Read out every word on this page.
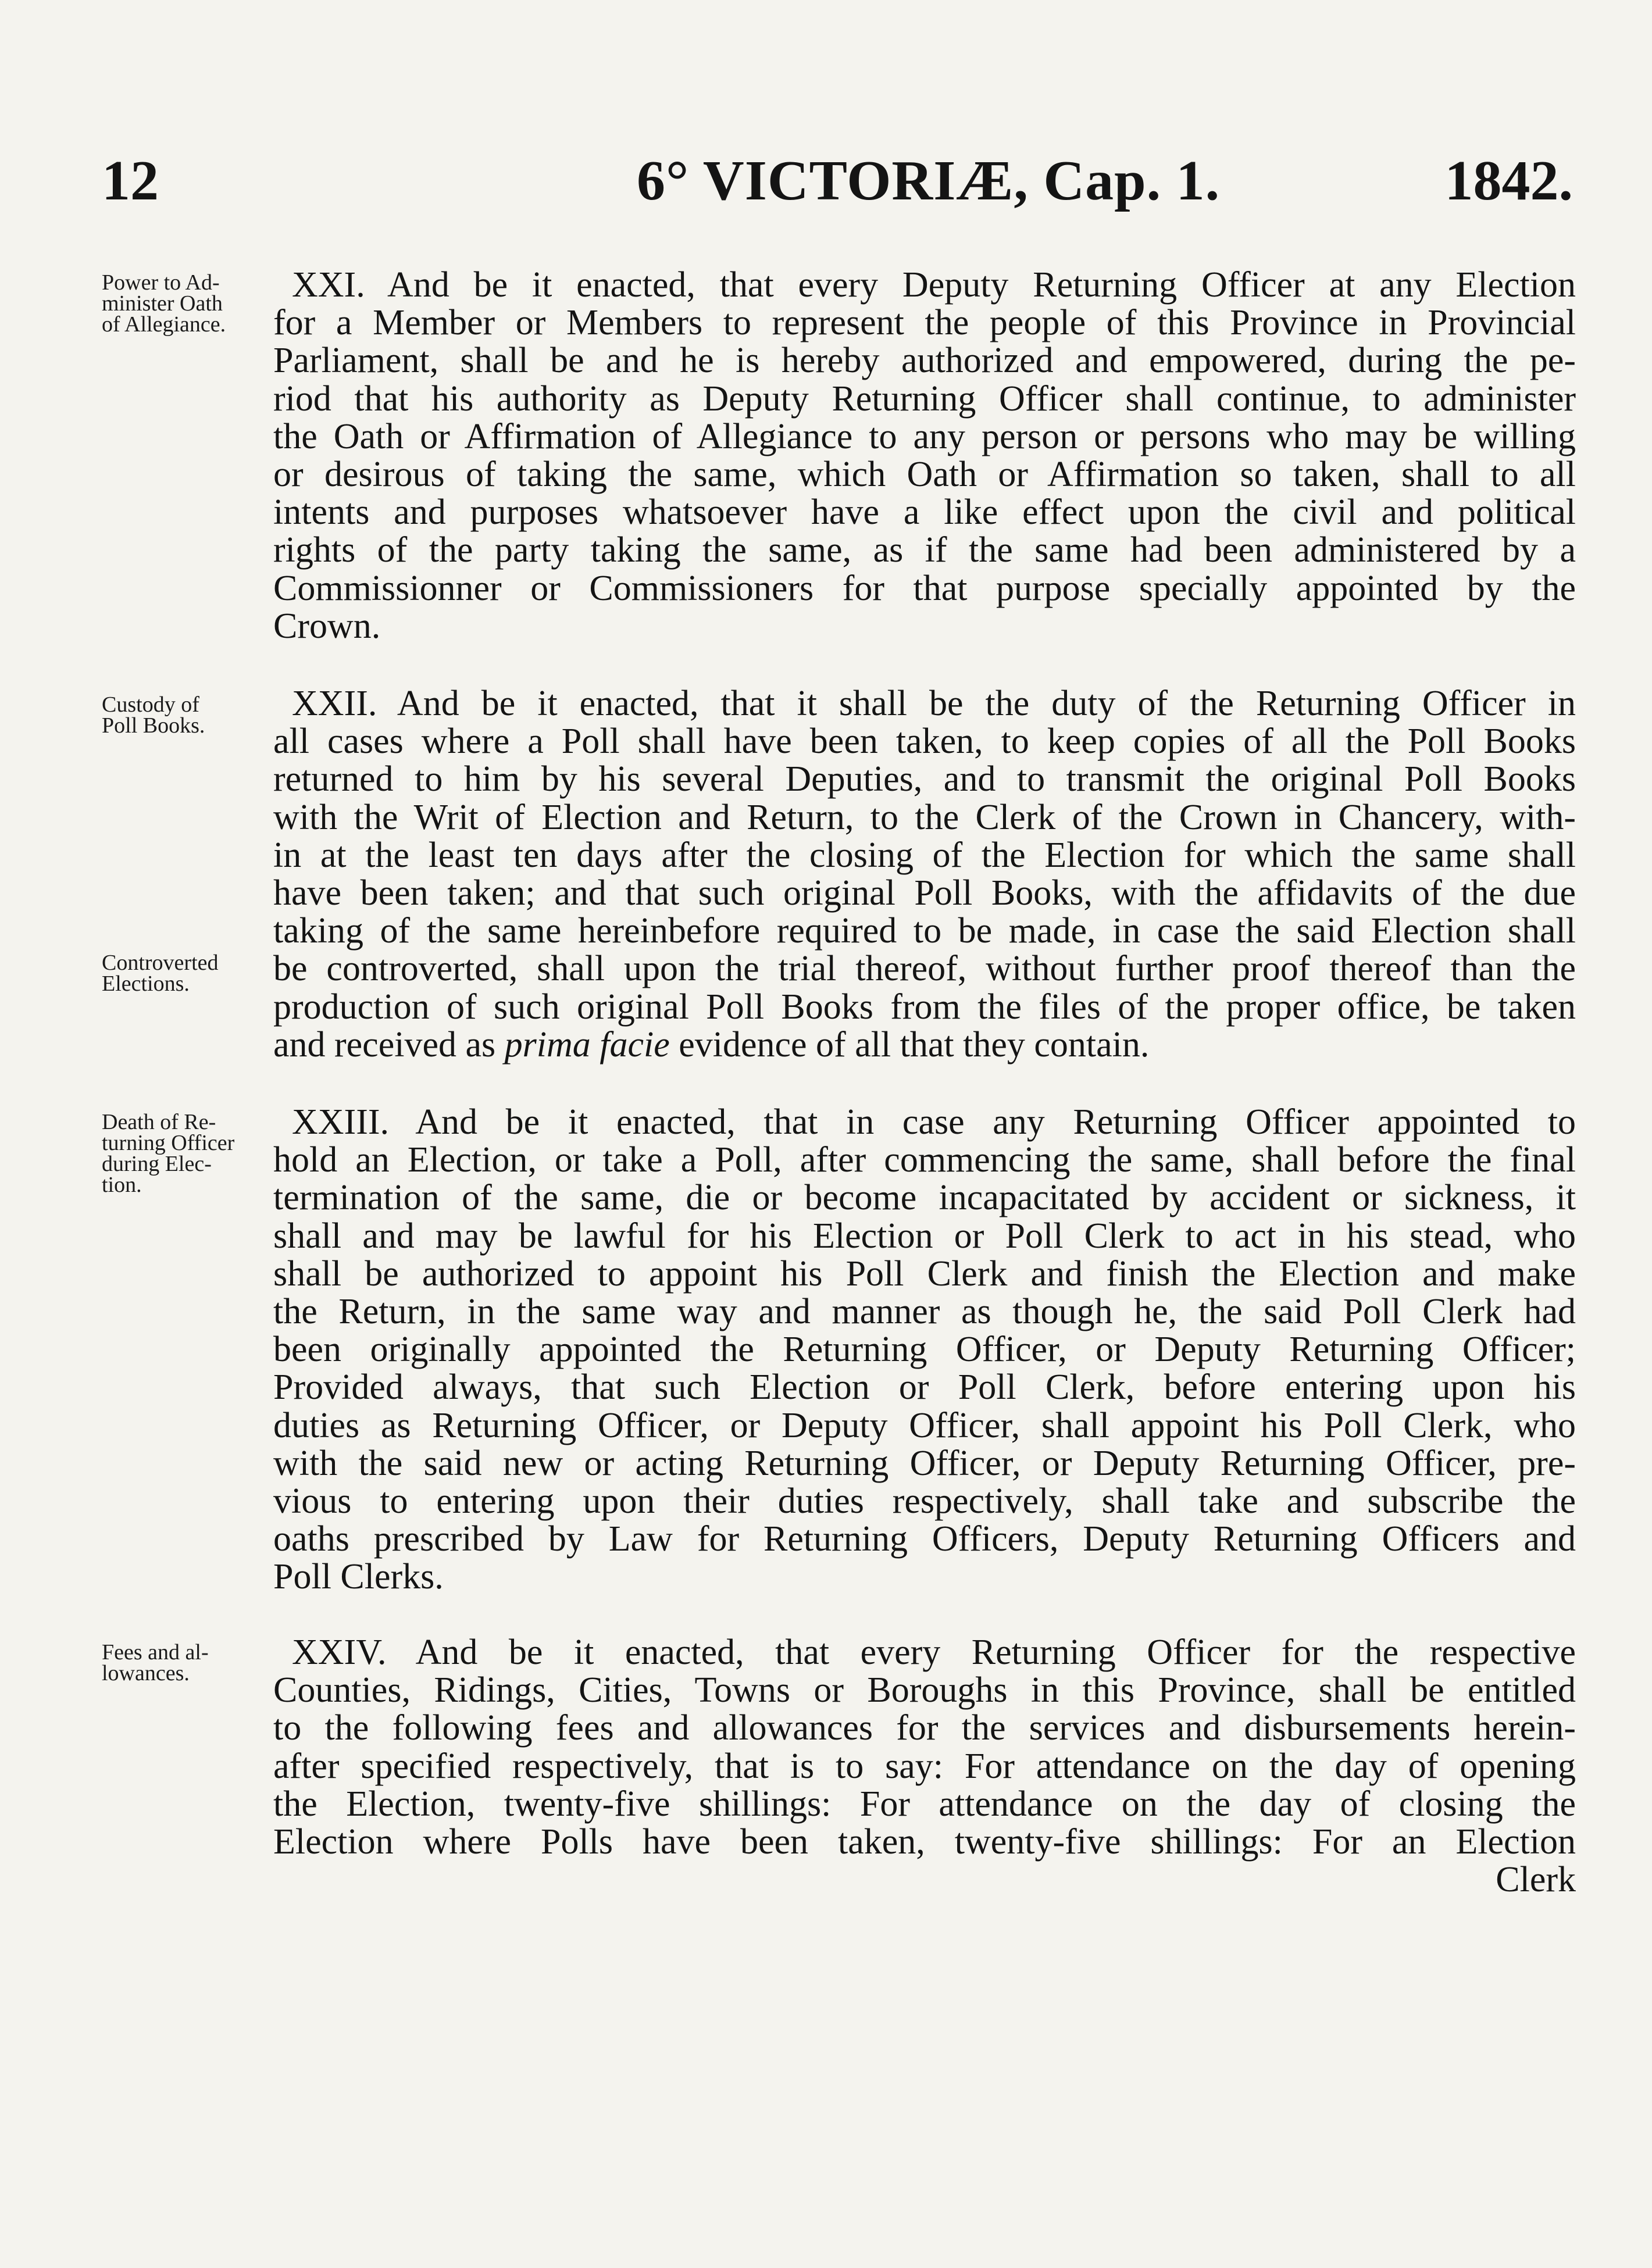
12	6° VICTORIÆ, Cap. 1.	1842.
Power to Ad-
minister Oath
of Allegiance.
XXI. And be it enacted, that every Deputy Returning Officer at any Election
for a Member or Members to represent the people of this Province in Provincial
Parliament, shall be and he is hereby authorized and empowered, during the pe-
riod that his authority as Deputy Returning Officer shall continue, to administer
the Oath or Affirmation of Allegiance to any person or persons who may be willing
or desirous of taking the same, which Oath or Affirmation so taken, shall to all
intents and purposes whatsoever have a like effect upon the civil and political
rights of the party taking the same, as if the same had been administered by a
Commissionner or Commissioners for that purpose specially appointed by the
Crown.
Custody of
Poll Books.
Controverted
Elections.
XXII. And be it enacted, that it shall be the duty of the Returning Officer in
all cases where a Poll shall have been taken, to keep copies of all the Poll Books
returned to him by his several Deputies, and to transmit the original Poll Books
with the Writ of Election and Return, to the Clerk of the Crown in Chancery, with-
in at the least ten days after the closing of the Election for which the same shall
have been taken; and that such original Poll Books, with the affidavits of the due
taking of the same hereinbefore required to be made, in case the said Election shall
be controverted, shall upon the trial thereof, without further proof thereof than the
production of such original Poll Books from the files of the proper office, be taken
and received as prima facie evidence of all that they contain.
Death of Re-
turning Officer
during Elec-
tion.
XXIII. And be it enacted, that in case any Returning Officer appointed to
hold an Election, or take a Poll, after commencing the same, shall before the final
termination of the same, die or become incapacitated by accident or sickness, it
shall and may be lawful for his Election or Poll Clerk to act in his stead, who
shall be authorized to appoint his Poll Clerk and finish the Election and make
the Return, in the same way and manner as though he, the said Poll Clerk had
been originally appointed the Returning Officer, or Deputy Returning Officer;
Provided always, that such Election or Poll Clerk, before entering upon his
duties as Returning Officer, or Deputy Officer, shall appoint his Poll Clerk, who
with the said new or acting Returning Officer, or Deputy Returning Officer, pre-
vious to entering upon their duties respectively, shall take and subscribe the
oaths prescribed by Law for Returning Officers, Deputy Returning Officers and
Poll Clerks.
Fees and al-
lowances.
XXIV. And be it enacted, that every Returning Officer for the respective
Counties, Ridings, Cities, Towns or Boroughs in this Province, shall be entitled
to the following fees and allowances for the services and disbursements herein-
after specified respectively, that is to say: For attendance on the day of opening
the Election, twenty-five shillings: For attendance on the day of closing the
Election where Polls have been taken, twenty-five shillings: For an Election
Clerk
